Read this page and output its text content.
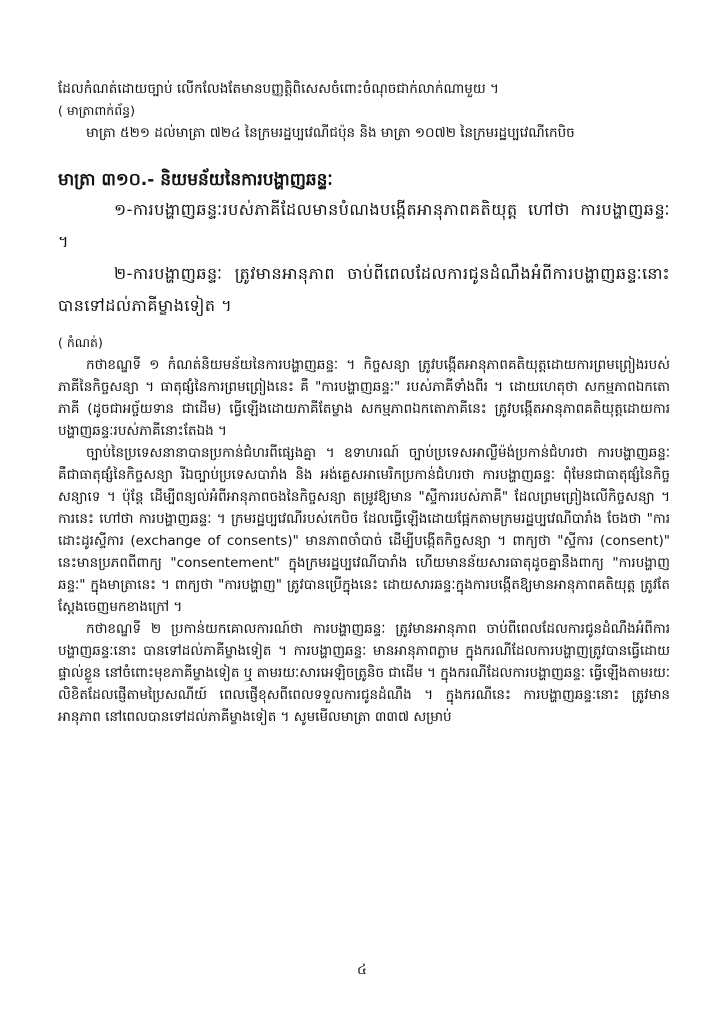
ដែលកំណត់ដោយច្បាប់ លើកលែងតែមានបញ្ញត្តិពិសេសចំពោះចំណុចជាក់លាក់ណាមួយ ។

( មាត្រាពាក់ព័ន្ធ)

មាត្រា ៥២១ ដល់មាត្រា ៧២៤ នៃក្រមរដ្ឋប្បវេណីជប៉ុន និង មាត្រា ១០៧២ នៃក្រមរដ្ឋប្បវេណីកេបិច

មាត្រា ៣១០.- និយមន័យនៃការបង្ហាញឆន្ទៈ

១-ការបង្ហាញឆន្ទៈរបស់ភាគីដែលមានបំណងបង្កើតអានុភាពគតិយុត្ត ហៅថា ការបង្ហាញឆន្ទៈ ។

២-ការបង្ហាញឆន្ទៈ ត្រូវមានអានុភាព ចាប់ពីពេលដែលការជូនដំណឹងអំពីការបង្ហាញឆន្ទៈនោះ បានទៅដល់ភាគីម្ខាងទៀត ។

( កំណត់)

កថាខណ្ឌទី ១ កំណត់និយមន័យនៃការបង្ហាញឆន្ទៈ ។ កិច្ចសន្យា ត្រូវបង្កើតអានុភាពគតិយុត្តដោយការព្រមព្រៀងរបស់ភាគីនៃកិច្ចសន្យា ។ ធាតុផ្សំនៃការព្រមព្រៀងនេះ គឺ "ការបង្ហាញឆន្ទៈ" របស់ភាគីទាំងពីរ ។ ដោយហេតុថា សកម្មភាពឯកតោភាគី (ដូចជាអច្ច័យទាន ជាដើម) ធ្វើឡើងដោយភាគីតែម្ខាង សកម្មភាពឯកតោភាគីនេះ ត្រូវបង្កើតអានុភាពគតិយុត្តដោយការបង្ហាញឆន្ទៈរបស់ភាគីនោះតែឯង ។

ច្បាប់នៃប្រទេសនានាបានប្រកាន់ជំហរពីផ្សេងគ្នា ។ ឧទាហរណ៍ ច្បាប់ប្រទេសអាល្លឺម៉ង់ប្រកាន់ជំហរថា ការបង្ហាញឆន្ទៈ គឺជាធាតុផ្សំនៃកិច្ចសន្យា រីឯច្បាប់ប្រទេសបារាំង និង អង់គ្លេសអាមេរិកប្រកាន់ជំហរថា ការបង្ហាញឆន្ទៈ ពុំមែនជាធាតុផ្សំនៃកិច្ចសន្យាទេ ។ ប៉ុន្តែ ដើម្បីពន្យល់អំពីអានុភាពចងនៃកិច្ចសន្យា តម្រូវឱ្យមាន "ស្ទីការរបស់ភាគី" ដែលព្រមព្រៀងលើកិច្ចសន្យា ។ ការនេះ ហៅថា ការបង្ហាញឆន្ទៈ ។ ក្រមរដ្ឋប្បវេណីរបស់កេបិច ដែលធ្វើឡើងដោយផ្អែកតាមក្រមរដ្ឋប្បវេណីបារាំង ចែងថា "ការដោះដូរស្ទីការ (exchange of consents)" មានភាពចាំបាច់ ដើម្បីបង្កើតកិច្ចសន្យា ។ ពាក្យថា "ស្ទីការ (consent)" នេះមានប្រភពពីពាក្យ "consentement" ក្នុងក្រមរដ្ឋប្បវេណីបារាំង ហើយមានន័យសារធាតុដូចគ្នានឹងពាក្យ "ការបង្ហាញឆន្ទៈ" ក្នុងមាត្រានេះ ។ ពាក្យថា "ការបង្ហាញ" ត្រូវបានប្រើក្នុងនេះ ដោយសារឆន្ទៈក្នុងការបង្កើតឱ្យមានអានុភាពគតិយុត្ត ត្រូវតែស្តែងចេញមកខាងក្រៅ ។

កថាខណ្ឌទី ២ ប្រកាន់យកគោលការណ៍ថា ការបង្ហាញឆន្ទៈ ត្រូវមានអានុភាព ចាប់ពីពេលដែលការជូនដំណឹងអំពីការបង្ហាញឆន្ទៈនោះ បានទៅដល់ភាគីម្ខាងទៀត ។ ការបង្ហាញឆន្ទៈ មានអានុភាពភ្លាម ក្នុងករណីដែលការបង្ហាញត្រូវបានធ្វើដោយផ្ទាល់ខ្លួន នៅចំពោះមុខភាគីម្ខាងទៀត ឬ តាមរយៈសារអេឡិចត្រូនិច ជាដើម ។ ក្នុងករណីដែលការបង្ហាញឆន្ទៈ ធ្វើឡើងតាមរយៈលិខិតដែលផ្ញើតាមប្រៃសណីយ៍ ពេលផ្ញើខុសពីពេលទទួលការជូនដំណឹង ។ ក្នុងករណីនេះ ការបង្ហាញឆន្ទៈនោះ ត្រូវមានអានុភាព នៅពេលបានទៅដល់ភាគីម្ខាងទៀត ។ សូមមើលមាត្រា ៣៣៧ សម្រាប់

៤
